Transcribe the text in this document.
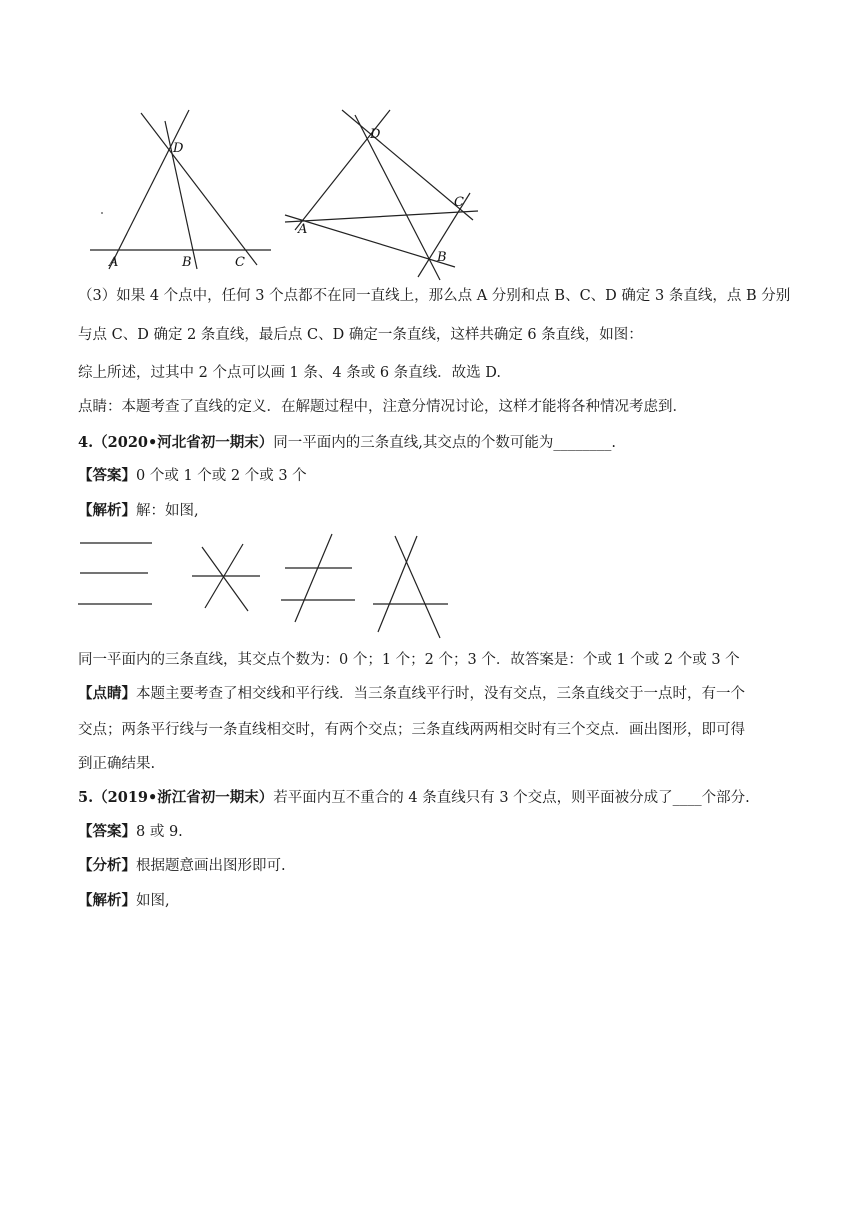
D
A	B	C
D
A
C
B
（3）如果 4 个点中，任何 3 个点都不在同一直线上，那么点 A 分别和点 B、C、D 确定 3 条直线，点 B 分别
与点 C、D 确定 2 条直线，最后点 C、D 确定一条直线，这样共确定 6 条直线，如图：
综上所述，过其中 2 个点可以画 1 条、4 条或 6 条直线．故选 D.
点睛：本题考查了直线的定义．在解题过程中，注意分情况讨论，这样才能将各种情况考虑到．
4.（2020•河北省初一期末）同一平面内的三条直线,其交点的个数可能为________.
【答案】0 个或 1 个或 2 个或 3 个
【解析】解：如图,
同一平面内的三条直线，其交点个数为：0 个；1 个；2 个；3 个．故答案是：个或 1 个或 2 个或 3 个
【点睛】本题主要考查了相交线和平行线．当三条直线平行时，没有交点，三条直线交于一点时，有一个
交点；两条平行线与一条直线相交时，有两个交点；三条直线两两相交时有三个交点．画出图形，即可得
到正确结果.
5.（2019•浙江省初一期末）若平面内互不重合的 4 条直线只有 3 个交点，则平面被分成了____个部分.
【答案】8 或 9.
【分析】根据题意画出图形即可.
【解析】如图,
